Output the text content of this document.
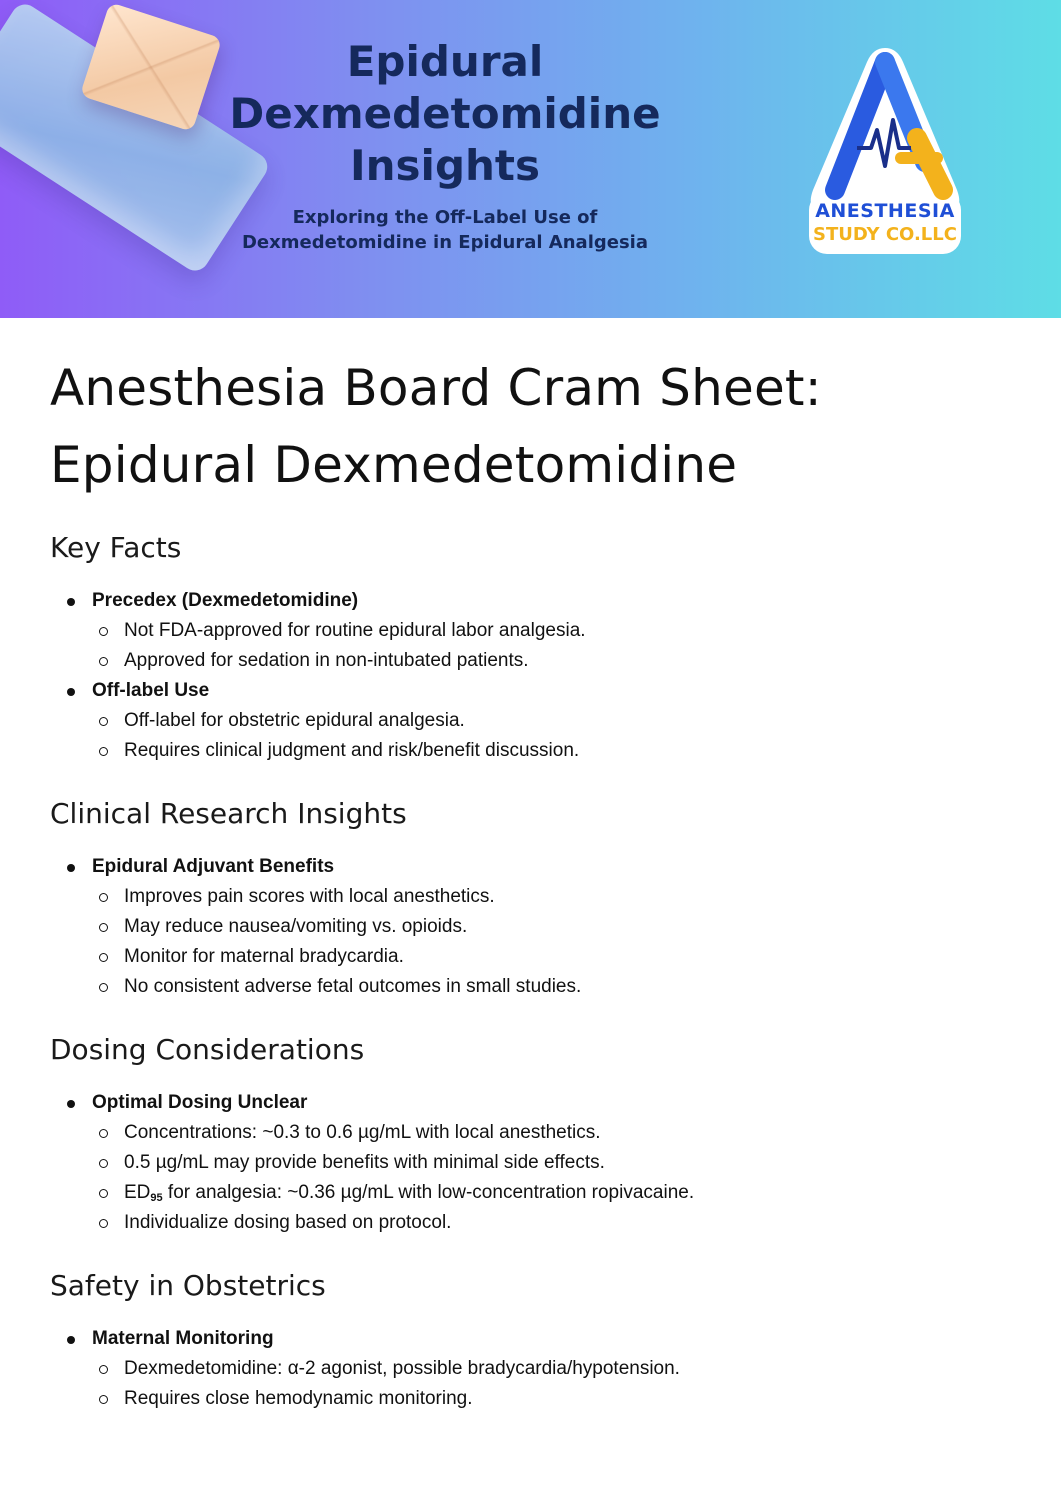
Epidural
Dexmedetomidine
Insights

Exploring the Off-Label Use of
Dexmedetomidine in Epidural Analgesia

ANESTHESIA
STUDY CO.LLC
Anesthesia Board Cram Sheet:
Epidural Dexmedetomidine
Key Facts
Precedex (Dexmedetomidine)
Not FDA-approved for routine epidural labor analgesia.
Approved for sedation in non-intubated patients.
Off-label Use
Off-label for obstetric epidural analgesia.
Requires clinical judgment and risk/benefit discussion.
Clinical Research Insights
Epidural Adjuvant Benefits
Improves pain scores with local anesthetics.
May reduce nausea/vomiting vs. opioids.
Monitor for maternal bradycardia.
No consistent adverse fetal outcomes in small studies.
Dosing Considerations
Optimal Dosing Unclear
Concentrations: ~0.3 to 0.6 µg/mL with local anesthetics.
0.5 µg/mL may provide benefits with minimal side effects.
$ED_{95}$ for analgesia: ~0.36 µg/mL with low-concentration ropivacaine.
Individualize dosing based on protocol.
Safety in Obstetrics
Maternal Monitoring
Dexmedetomidine: α-2 agonist, possible bradycardia/hypotension.
Requires close hemodynamic monitoring.
